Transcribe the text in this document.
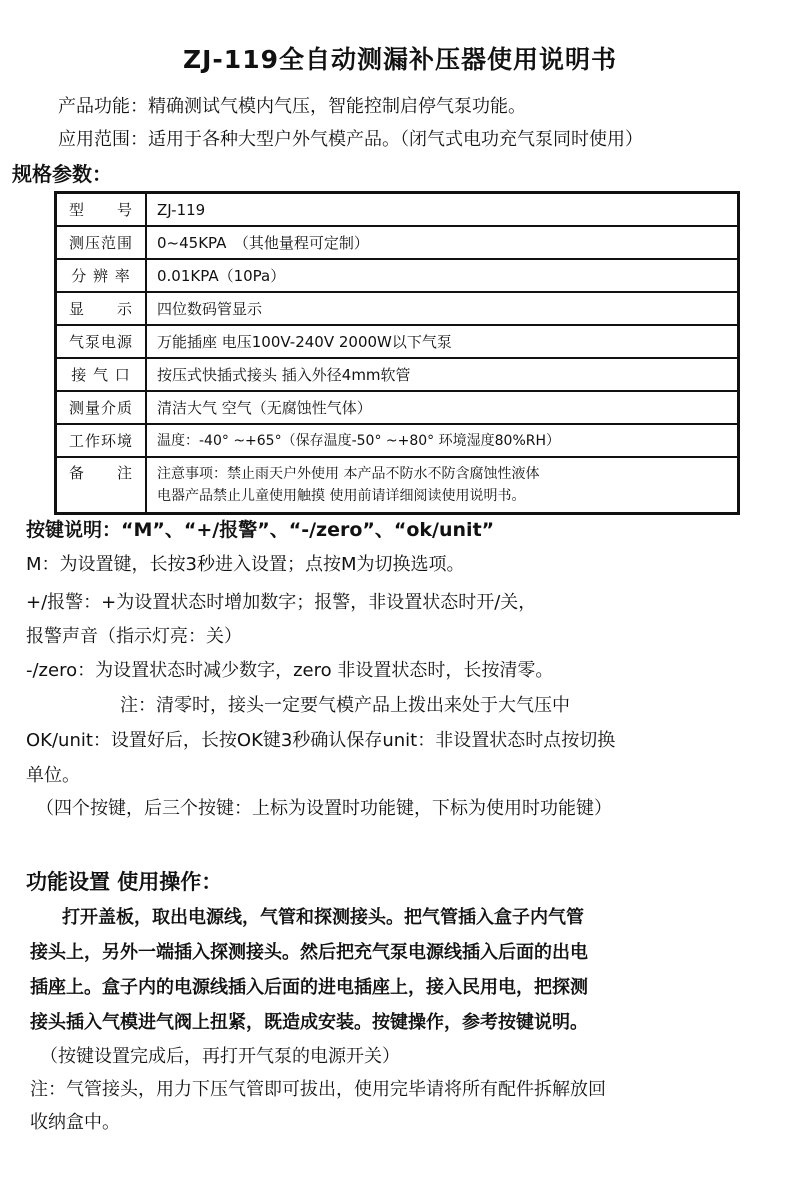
ZJ-119全自动测漏补压器使用说明书
产品功能：精确测试气模内气压，智能控制启停气泵功能。
应用范围：适用于各种大型户外气模产品。（闭气式电功充气泵同时使用）
规格参数：
型　　号	ZJ-119
测压范围	0~45KPA　（其他量程可定制）
分 辨 率	0.01KPA（10Pa）
显　　示	四位数码管显示
气泵电源	万能插座 电压100V-240V 2000W以下气泵
接 气 口	按压式快插式接头 插入外径4mm软管
测量介质	清洁大气 空气（无腐蚀性气体）
工作环境	温度：-40° ~+65°（保存温度-50° ~+80° 环境湿度80%RH）
备　　注	注意事项：禁止雨天户外使用 本产品不防水不防含腐蚀性液体
电器产品禁止儿童使用触摸 使用前请详细阅读使用说明书。
按键说明：“M”、“+/报警”、“-/zero”、“ok/unit”
M：为设置键，长按3秒进入设置；点按M为切换选项。
+/报警：+为设置状态时增加数字；报警，非设置状态时开/关，
报警声音（指示灯亮：关）
-/zero：为设置状态时减少数字，zero 非设置状态时，长按清零。
注：清零时，接头一定要气模产品上拨出来处于大气压中
OK/unit：设置好后，长按OK键3秒确认保存unit：非设置状态时点按切换
单位。
（四个按键，后三个按键：上标为设置时功能键，下标为使用时功能键）
功能设置 使用操作：
打开盖板，取出电源线，气管和探测接头。把气管插入盒子内气管
接头上，另外一端插入探测接头。然后把充气泵电源线插入后面的出电
插座上。盒子内的电源线插入后面的进电插座上，接入民用电，把探测
接头插入气模进气阀上扭紧，既造成安装。按键操作，参考按键说明。
（按键设置完成后，再打开气泵的电源开关）
注：气管接头，用力下压气管即可拔出，使用完毕请将所有配件拆解放回
收纳盒中。
